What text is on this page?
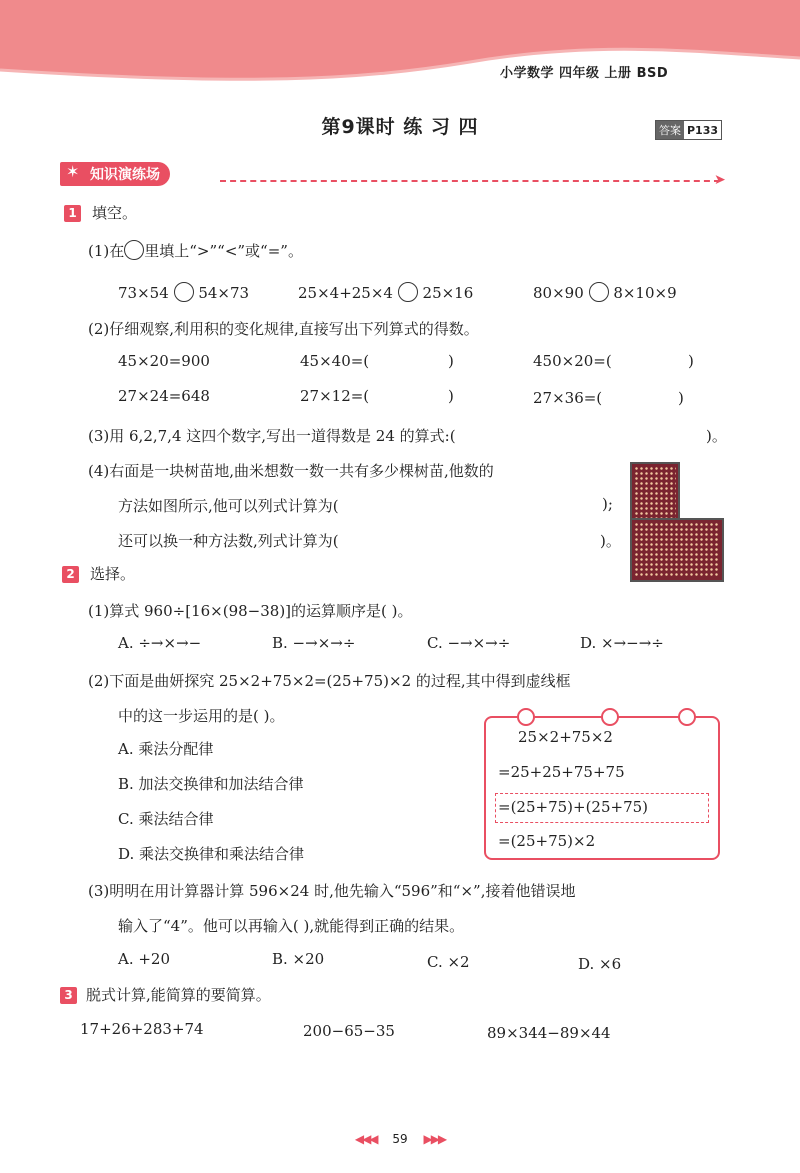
小学数学 四年级 上册 BSD
第9课时 练 习 四	答案 P133
✶ 知识演练场	➤
1 填空。
(1)在 里填上“>”“<”或“=”。
73×54 54×73	25×4+25×4 25×16	80×90 8×10×9
(2)仔细观察,利用积的变化规律,直接写出下列算式的得数。
45×20=900	45×40=(	)	450×20=(	)
27×24=648	27×12=(	)	27×36=(	)
(3)用 6,2,7,4 这四个数字,写出一道得数是 24 的算式:(	)。
(4)右面是一块树苗地,曲米想数一数一共有多少棵树苗,他数的
方法如图所示,他可以列式计算为(	);
还可以换一种方法数,列式计算为(	)。
2 选择。
(1)算式 960÷[16×(98−38)]的运算顺序是( )。
A. ÷→×→−	B. −→×→÷	C. −→×→÷	D. ×→−→÷
(2)下面是曲妍探究 25×2+75×2=(25+75)×2 的过程,其中得到虚线框
中的这一步运用的是( )。
A. 乘法分配律
B. 加法交换律和加法结合律
C. 乘法结合律
D. 乘法交换律和乘法结合律
25×2+75×2
=25+25+75+75
=(25+75)+(25+75)
=(25+75)×2
(3)明明在用计算器计算 596×24 时,他先输入“596”和“×”,接着他错误地
输入了“4”。他可以再输入( ),就能得到正确的结果。
A. +20	B. ×20	C. ×2	D. ×6
3 脱式计算,能简算的要简算。
17+26+283+74	200−65−35	89×344−89×44
◀◀◀ 59 ▶▶▶
